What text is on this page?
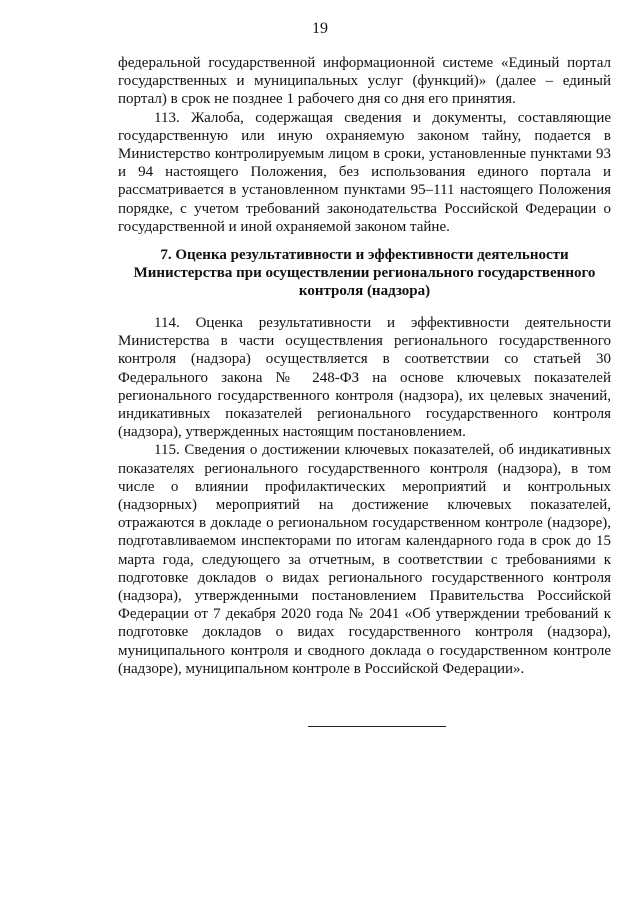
19

федеральной государственной информационной системе «Единый портал государственных и муниципальных услуг (функций)» (далее – единый портал) в срок не позднее 1 рабочего дня со дня его принятия.

113. Жалоба, содержащая сведения и документы, составляющие государственную или иную охраняемую законом тайну, подается в Министерство контролируемым лицом в сроки, установленные пунктами 93 и 94 настоящего Положения, без использования единого портала и рассматривается в установленном пунктами 95–111 настоящего Положения порядке, с учетом требований законодательства Российской Федерации о государственной и иной охраняемой законом тайне.

7. Оценка результативности и эффективности деятельности Министерства при осуществлении регионального государственного контроля (надзора)

114. Оценка результативности и эффективности деятельности Министерства в части осуществления регионального государственного контроля (надзора) осуществляется в соответствии со статьей 30 Федерального закона № 248-ФЗ на основе ключевых показателей регионального государственного контроля (надзора), их целевых значений, индикативных показателей регионального государственного контроля (надзора), утвержденных настоящим постановлением.

115. Сведения о достижении ключевых показателей, об индикативных показателях регионального государственного контроля (надзора), в том числе о влиянии профилактических мероприятий и контрольных (надзорных) мероприятий на достижение ключевых показателей, отражаются в докладе о региональном государственном контроле (надзоре), подготавливаемом инспекторами по итогам календарного года в срок до 15 марта года, следующего за отчетным, в соответствии с требованиями к подготовке докладов о видах регионального государственного контроля (надзора), утвержденными постановлением Правительства Российской Федерации от 7 декабря 2020 года № 2041 «Об утверждении требований к подготовке докладов о видах государственного контроля (надзора), муниципального контроля и сводного доклада о государственном контроле (надзоре), муниципальном контроле в Российской Федерации».
